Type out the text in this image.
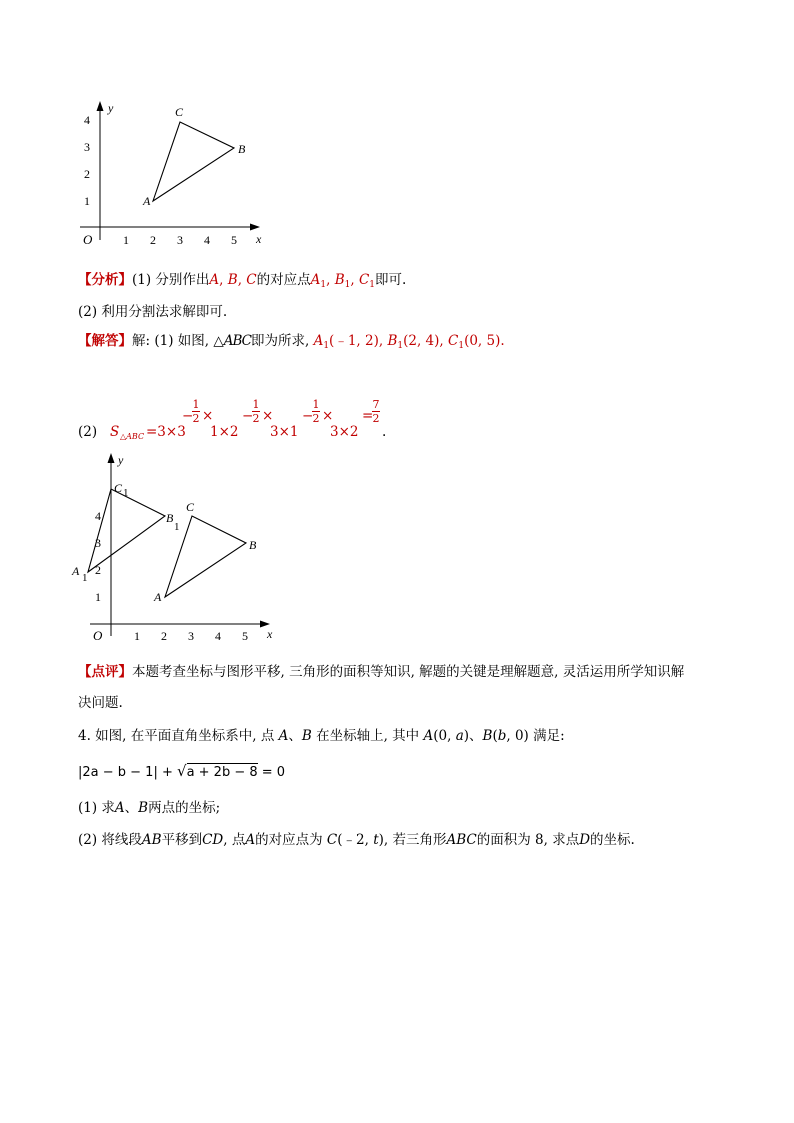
y
x
O	1 2 3 4 5
1
2
3
4
A
B
C
【分析】(1) 分别作出A, B, C的对应点$A_1$, $B_1$, $C_1$即可.
(2) 利用分割法求解即可.
【解答】解: (1) 如图, △ABC即为所求, $A_1(﹣1$, 2), $B_1(2$, 4), $C_1(0$, 5).
(2) S △ABC =3×3
−
1
2 ×
1×2
−
1
2 ×
3×1
−
1
2 ×
3×2
=
7
2
.
y
x
O	1 2 3 4 5
1
2
3
4
A
B
C
A 1
B
1
C 1
【点评】本题考查坐标与图形平移, 三角形的面积等知识, 解题的关键是理解题意, 灵活运用所学知识解
决问题.
4. 如图, 在平面直角坐标系中, 点 A、B 在坐标轴上, 其中 A(0, a)、B(b, 0) 满足:
|2a − b − 1| + √a + 2b − 8 = 0
(1) 求A、B两点的坐标;
(2) 将线段AB平移到CD, 点A的对应点为 C(﹣2, t), 若三角形ABC的面积为 8, 求点D的坐标.
